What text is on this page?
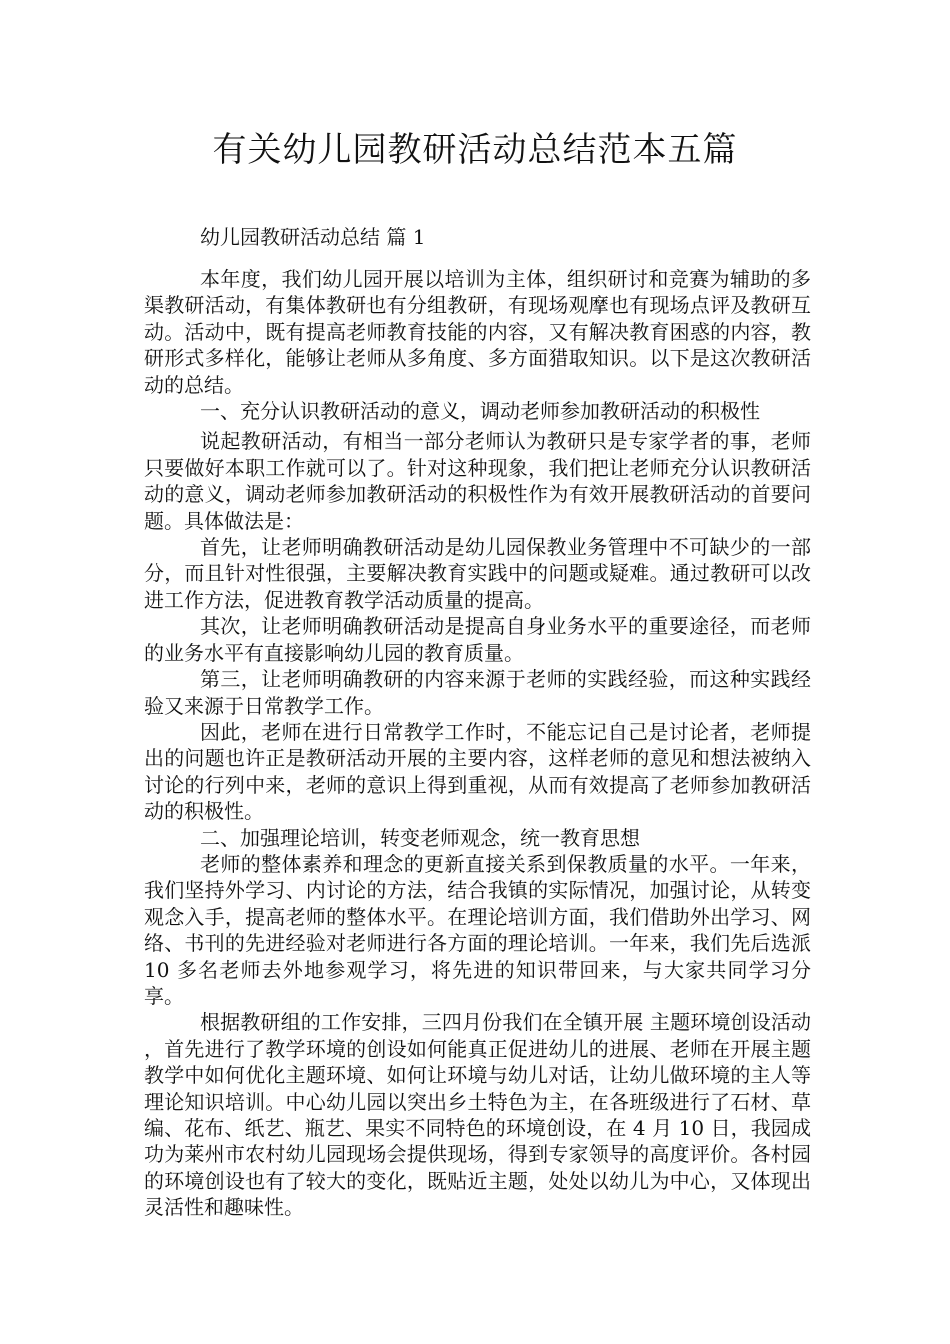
有关幼儿园教研活动总结范本五篇
幼儿园教研活动总结 篇 1

本年度，我们幼儿园开展以培训为主体，组织研讨和竞赛为辅助的多渠教研活动，有集体教研也有分组教研，有现场观摩也有现场点评及教研互动。活动中，既有提高老师教育技能的内容，又有解决教育困惑的内容，教研形式多样化，能够让老师从多角度、多方面猎取知识。以下是这次教研活动的总结。

一、充分认识教研活动的意义，调动老师参加教研活动的积极性

说起教研活动，有相当一部分老师认为教研只是专家学者的事，老师只要做好本职工作就可以了。针对这种现象，我们把让老师充分认识教研活动的意义，调动老师参加教研活动的积极性作为有效开展教研活动的首要问题。具体做法是：

首先，让老师明确教研活动是幼儿园保教业务管理中不可缺少的一部分，而且针对性很强，主要解决教育实践中的问题或疑难。通过教研可以改进工作方法，促进教育教学活动质量的提高。

其次，让老师明确教研活动是提高自身业务水平的重要途径，而老师的业务水平有直接影响幼儿园的教育质量。

第三，让老师明确教研的内容来源于老师的实践经验，而这种实践经验又来源于日常教学工作。

因此，老师在进行日常教学工作时，不能忘记自己是讨论者，老师提出的问题也许正是教研活动开展的主要内容，这样老师的意见和想法被纳入讨论的行列中来，老师的意识上得到重视，从而有效提高了老师参加教研活动的积极性。

二、加强理论培训，转变老师观念，统一教育思想

老师的整体素养和理念的更新直接关系到保教质量的水平。一年来，我们坚持外学习、内讨论的方法，结合我镇的实际情况，加强讨论，从转变观念入手，提高老师的整体水平。在理论培训方面，我们借助外出学习、网络、书刊的先进经验对老师进行各方面的理论培训。一年来，我们先后选派 10 多名老师去外地参观学习，将先进的知识带回来，与大家共同学习分享。

根据教研组的工作安排，三四月份我们在全镇开展 主题环境创设活动 ，首先进行了教学环境的创设如何能真正促进幼儿的进展、老师在开展主题教学中如何优化主题环境、如何让环境与幼儿对话，让幼儿做环境的主人等理论知识培训。中心幼儿园以突出乡土特色为主，在各班级进行了石材、草编、花布、纸艺、瓶艺、果实不同特色的环境创设，在 4 月 10 日，我园成功为莱州市农村幼儿园现场会提供现场，得到专家领导的高度评价。各村园的环境创设也有了较大的变化，既贴近主题，处处以幼儿为中心，又体现出灵活性和趣味性。
